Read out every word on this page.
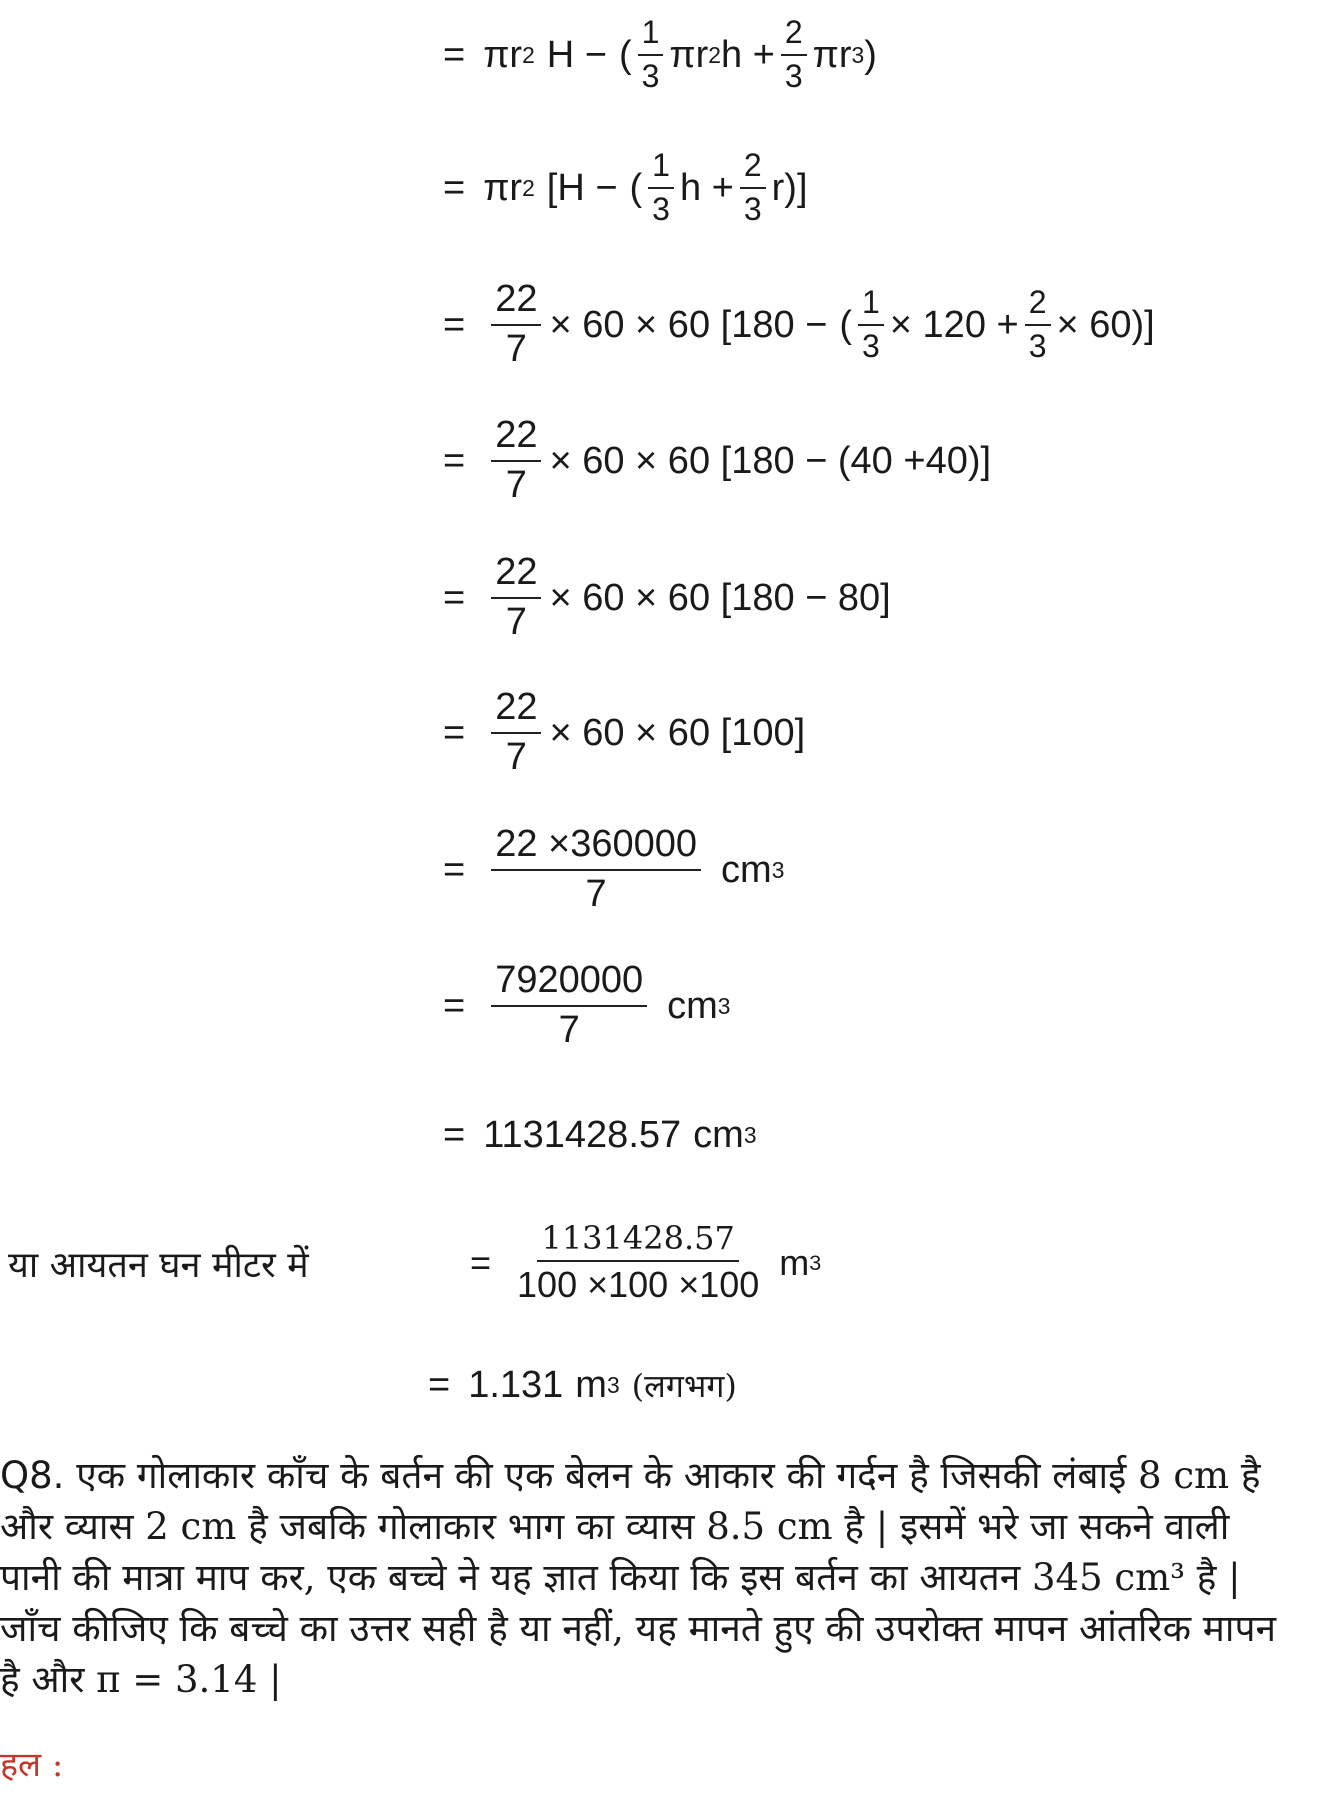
= πr 2 H − ( $\frac{1}{3}$ πr 2 $h + \frac{2}{3}$ πr 3 )
= πr 2 [H − ( $\frac{1}{3}$ $h + \frac{2}{3} r$)]
= $\frac{22}{7} \times 60 \times 60$ [180 − ( $\frac{1}{3} \times 120 + \frac{2}{3} \times 60$)]
= $\frac{22}{7} \times 60 \times 60$ [180 − (40 +40)]
= $\frac{22}{7} \times 60 \times 60$ [180 − 80]
= $\frac{22}{7} \times 60 \times 60$ [100]
= $\frac{22 \times 360000}{7}$ cm 3
= $\frac{7920000}{7}$ cm 3
= 1131428.57 cm 3
या आयतन घन मीटर में	= $\frac{1131428.57}{100 \times 100 \times 100}$ m 3
= 1.131 m 3 (लगभग)
Q8. एक गोलाकार काँच के बर्तन की एक बेलन के आकार की गर्दन है जिसकी लंबाई 8 cm है और व्यास 2 cm है जबकि गोलाकार भाग का व्यास 8.5 cm है | इसमें भरे जा सकने वाली पानी की मात्रा माप कर, एक बच्चे ने यह ज्ञात किया कि इस बर्तन का आयतन 345 cm³ है | जाँच कीजिए कि बच्चे का उत्तर सही है या नहीं, यह मानते हुए की उपरोक्त मापन आंतरिक मापन है और π = 3.14 |
हल :
